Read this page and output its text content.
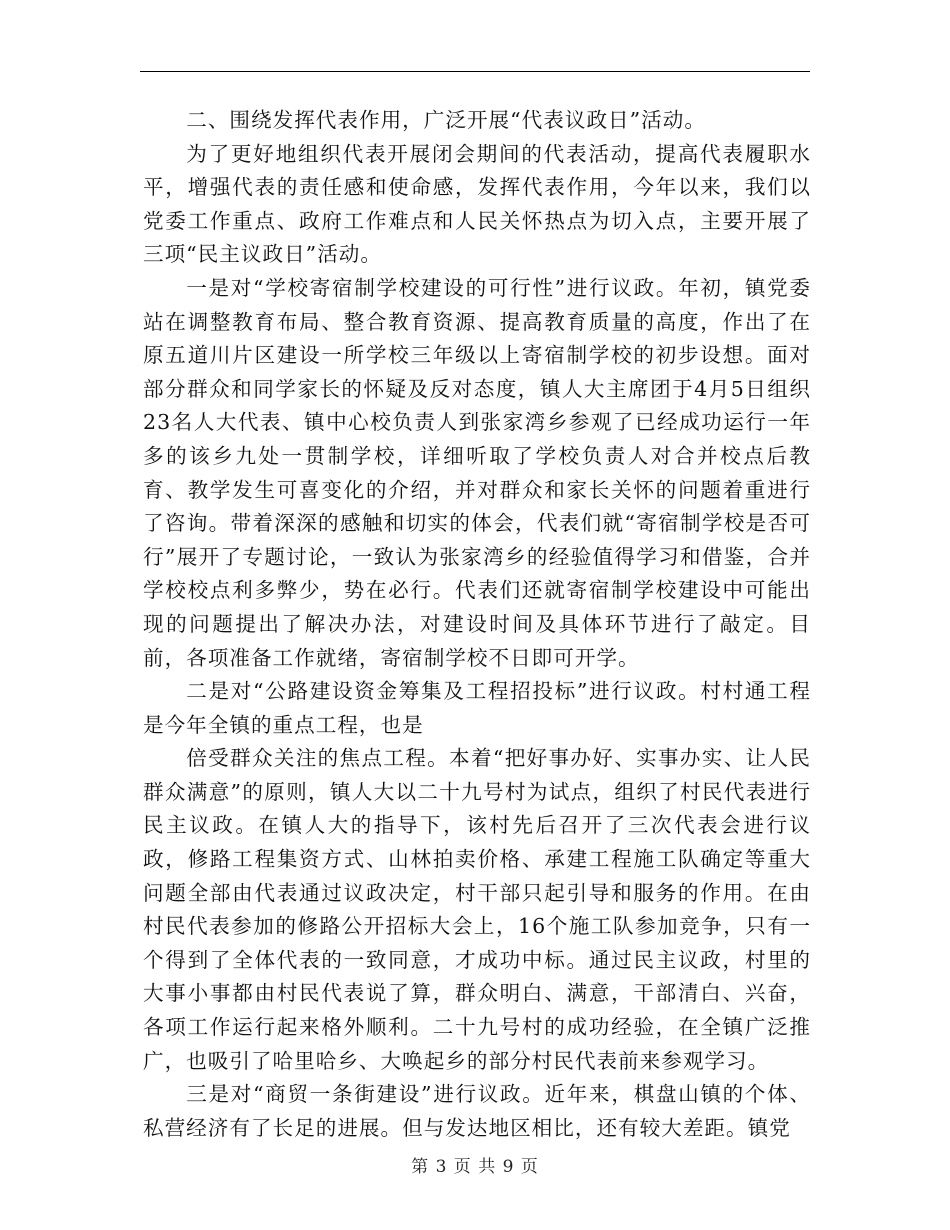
二、围绕发挥代表作用，广泛开展“代表议政日”活动。

为了更好地组织代表开展闭会期间的代表活动，提高代表履职水平，增强代表的责任感和使命感，发挥代表作用，今年以来，我们以党委工作重点、政府工作难点和人民关怀热点为切入点，主要开展了三项“民主议政日”活动。

一是对“学校寄宿制学校建设的可行性”进行议政。年初，镇党委站在调整教育布局、整合教育资源、提高教育质量的高度，作出了在原五道川片区建设一所学校三年级以上寄宿制学校的初步设想。面对部分群众和同学家长的怀疑及反对态度，镇人大主席团于4月5日组织23名人大代表、镇中心校负责人到张家湾乡参观了已经成功运行一年多的该乡九处一贯制学校，详细听取了学校负责人对合并校点后教育、教学发生可喜变化的介绍，并对群众和家长关怀的问题着重进行了咨询。带着深深的感触和切实的体会，代表们就“寄宿制学校是否可行”展开了专题讨论，一致认为张家湾乡的经验值得学习和借鉴，合并学校校点利多弊少，势在必行。代表们还就寄宿制学校建设中可能出现的问题提出了解决办法，对建设时间及具体环节进行了敲定。目前，各项准备工作就绪，寄宿制学校不日即可开学。

二是对“公路建设资金筹集及工程招投标”进行议政。村村通工程是今年全镇的重点工程，也是

倍受群众关注的焦点工程。本着“把好事办好、实事办实、让人民群众满意”的原则，镇人大以二十九号村为试点，组织了村民代表进行民主议政。在镇人大的指导下，该村先后召开了三次代表会进行议政，修路工程集资方式、山林拍卖价格、承建工程施工队确定等重大问题全部由代表通过议政决定，村干部只起引导和服务的作用。在由村民代表参加的修路公开招标大会上，16个施工队参加竞争，只有一个得到了全体代表的一致同意，才成功中标。通过民主议政，村里的大事小事都由村民代表说了算，群众明白、满意，干部清白、兴奋，各项工作运行起来格外顺利。二十九号村的成功经验，在全镇广泛推广，也吸引了哈里哈乡、大唤起乡的部分村民代表前来参观学习。

三是对“商贸一条街建设”进行议政。近年来，棋盘山镇的个体、私营经济有了长足的进展。但与发达地区相比，还有较大差距。镇党

第 3 页 共 9 页
